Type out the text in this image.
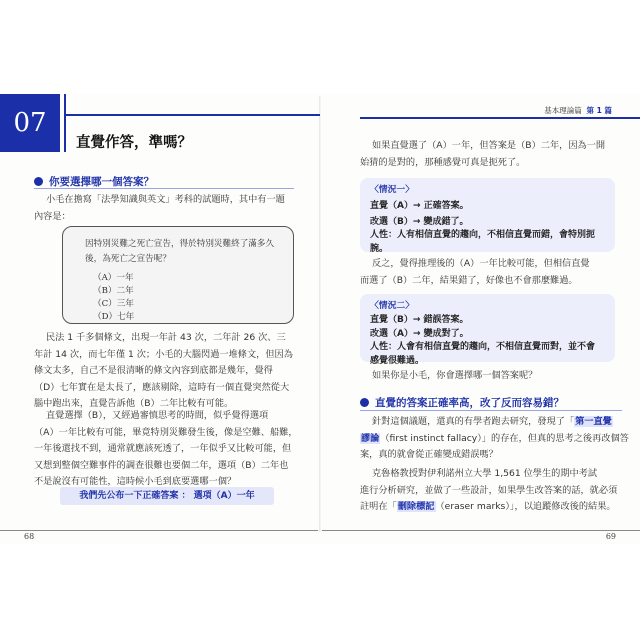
07
直覺作答，準嗎？
你要選擇哪一個答案？
小毛在擔寫「法學知識與英文」考科的試題時，其中有一題
內容是：
因特別災難之死亡宣告，得於特別災難終了滿多久
後，為死亡之宣告呢？
（A）一年
（B）二年
（C）三年
（D）七年
民法 1 千多個條文，出現一年計 43 次，二年計 26 次、三
年計 14 次，而七年僅 1 次；小毛的大腦閃過一堆條文，但因為
條文太多，自己不是很清晰的條文內容到底都是幾年，覺得
（D）七年實在是太長了，應該剔除，這時有一個直覺突然從大
腦中跑出來，直覺告訴他（B）二年比較有可能。
直覺選擇（B），又經過審慎思考的時間，似乎覺得選項
（A）一年比較有可能，畢竟特別災難發生後，像是空難、船難，
一年後還找不到，通常就應該死透了，一年似乎又比較可能，但
又想到整個空難事件的調查很難也要個二年，選項（B）二年也
不是說沒有可能性，這時候小毛到底要選哪一個？
我們先公布一下正確答案 ： 選項（A）一年
68
基本理論篇 第 1 篇
如果直覺選了（A）一年，但答案是（B）二年，因為一開
始猜的是對的，那種感覺可真是扼死了。
〈情況一〉
直覺（A）→ 正確答案。
改選（B）→ 變成錯了。
人性：人有相信直覺的趨向，不相信直覺而錯，會特別扼腕。
反之，覺得推理後的（A）一年比較可能，但相信直覺
而選了（B）二年，結果錯了，好像也不會那麼難過。
〈情況二〉
直覺（B）→ 錯誤答案。
改選（A）→ 變成對了。
人性：人會有相信直覺的趨向，不相信直覺而對，並不會感覺很難過。
如果你是小毛，你會選擇哪一個答案呢？
直覺的答案正確率高，改了反而容易錯？
針對這個議題，還真的有學者跑去研究，發現了「第一直覺
謬論（first instinct fallacy）」的存在，但真的思考之後再改個答
案，真的就會從正確變成錯誤嗎？
克魯格教授對伊利諾州立大學 1,561 位學生的期中考試
進行分析研究，並做了一些設計，如果學生改答案的話，就必須
註明在「刪除標記（eraser marks）」，以追蹤修改後的結果。
69
